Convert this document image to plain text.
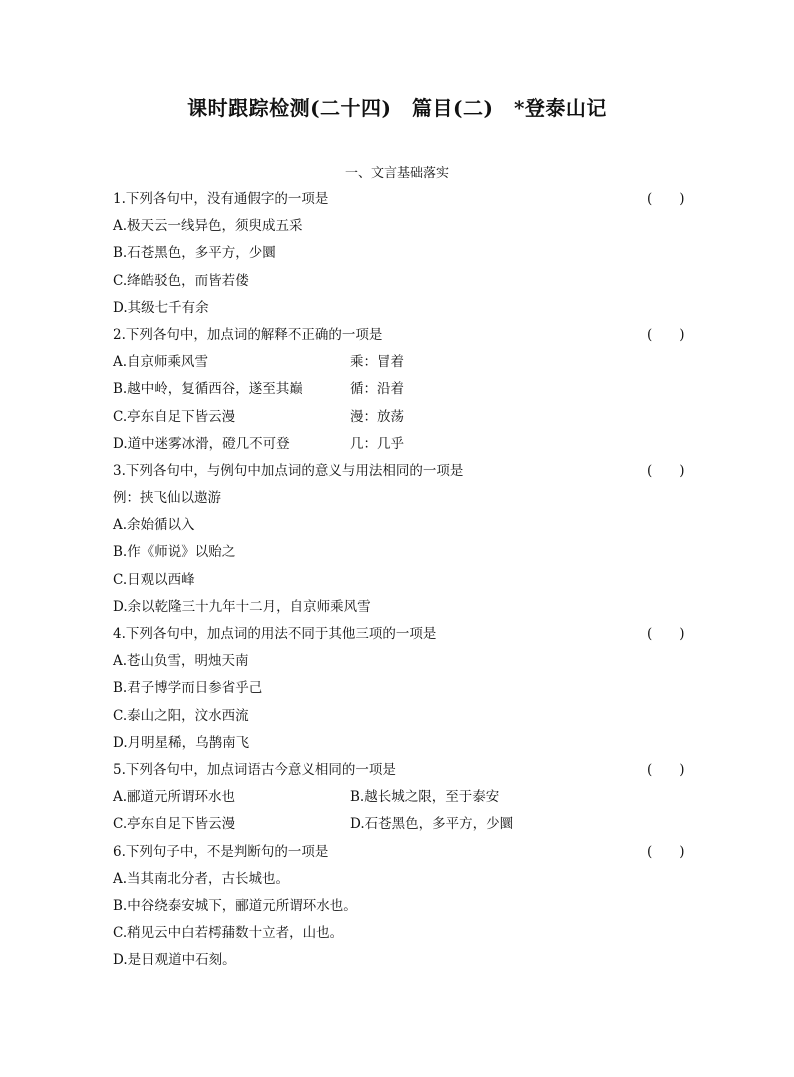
课时跟踪检测(二十四)　篇目(二)　*登泰山记
一、文言基础落实
1.下列各句中，没有通假字的一项是	(　　)
A.极天云一线异色，须臾成五采
B.石苍黑色，多平方，少圜
C.绛皓驳色，而皆若偻
D.其级七千有余
2.下列各句中，加点词的解释不正确的一项是	(　　)
A.自京师乘风雪	乘：冒着
B.越中岭，复循西谷，遂至其巅	循：沿着
C.亭东自足下皆云漫	漫：放荡
D.道中迷雾冰滑，磴几不可登	几：几乎
3.下列各句中，与例句中加点词的意义与用法相同的一项是	(　　)
例：挟飞仙以遨游
A.余始循以入
B.作《师说》以贻之
C.日观以西峰
D.余以乾隆三十九年十二月，自京师乘风雪
4.下列各句中，加点词的用法不同于其他三项的一项是	(　　)
A.苍山负雪，明烛天南
B.君子博学而日参省乎己
C.泰山之阳，汶水西流
D.月明星稀，乌鹊南飞
5.下列各句中，加点词语古今意义相同的一项是	(　　)
A.郦道元所谓环水也	B.越长城之限，至于泰安
C.亭东自足下皆云漫	D.石苍黑色，多平方，少圜
6.下列句子中，不是判断句的一项是	(　　)
A.当其南北分者，古长城也。
B.中谷绕泰安城下，郦道元所谓环水也。
C.稍见云中白若樗蒱数十立者，山也。
D.是日观道中石刻。
